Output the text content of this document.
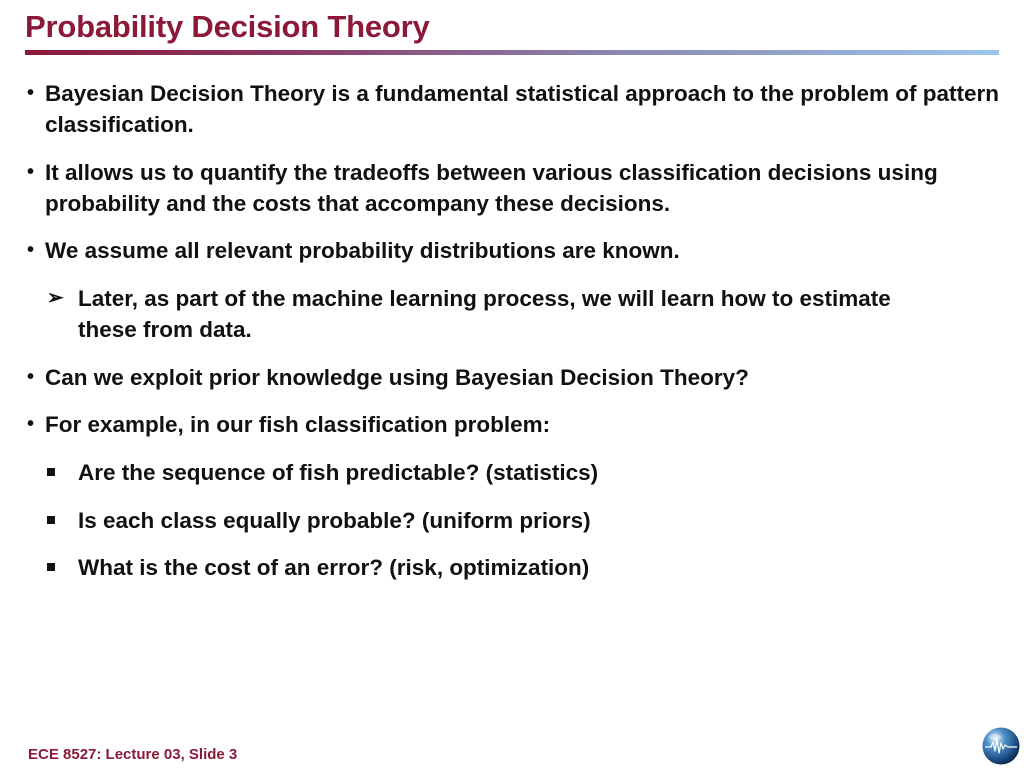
Probability Decision Theory
• Bayesian Decision Theory is a fundamental statistical approach to the problem of pattern classification.
• It allows us to quantify the tradeoffs between various classification decisions using probability and the costs that accompany these decisions.
• We assume all relevant probability distributions are known.
➢ Later, as part of the machine learning process, we will learn how to estimate these from data.
• Can we exploit prior knowledge using Bayesian Decision Theory?
• For example, in our fish classification problem:
Are the sequence of fish predictable? (statistics)
Is each class equally probable? (uniform priors)
What is the cost of an error? (risk, optimization)
ECE 8527: Lecture 03, Slide 3
